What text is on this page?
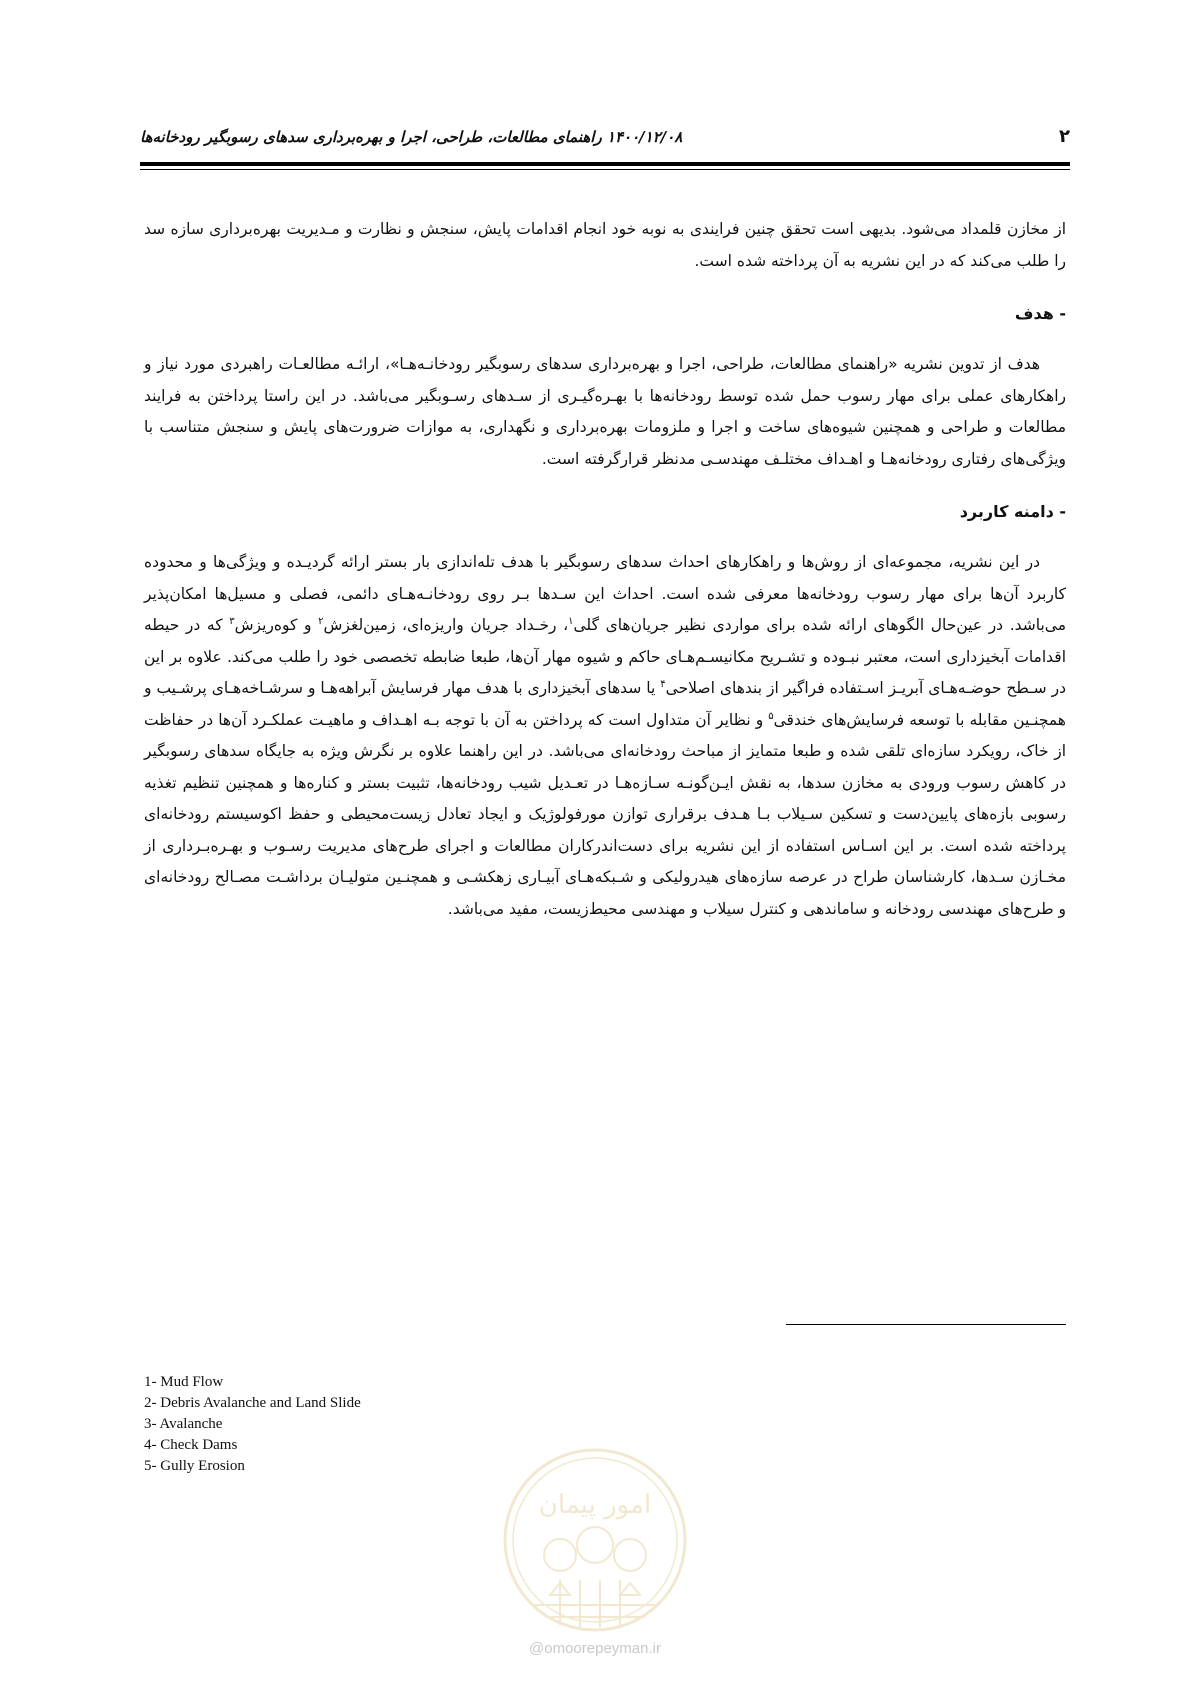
۲
۱۴۰۰/۱۲/۰۸ راهنمای مطالعات، طراحی، اجرا و بهره‌برداری سدهای رسوبگیر رودخانه‌ها

از مخازن قلمداد می‌شود. بدیهی است تحقق چنین فرایندی به نوبه خود انجام اقدامات پایش، سنجش و نظارت و مـدیریت بهره‌برداری سازه سد را طلب می‌کند که در این نشریه به آن پرداخته شده است.

- هدف

هدف از تدوین نشریه «راهنمای مطالعات، طراحی، اجرا و بهره‌برداری سدهای رسوبگیر رودخانـه‌هـا»، ارائـه مطالعـات راهبردی مورد نیاز و راهکارهای عملی برای مهار رسوب حمل شده توسط رودخانه‌ها با بهـره‌گیـری از سـدهای رسـوبگیر می‌باشد. در این راستا پرداختن به فرایند مطالعات و طراحی و همچنین شیوه‌های ساخت و اجرا و ملزومات بهره‌برداری و نگهداری، به موازات ضرورت‌های پایش و سنجش متناسب با ویژگی‌های رفتاری رودخانه‌هـا و اهـداف مختلـف مهندسـی مدنظر قرارگرفته است.

- دامنه کاربرد

در این نشریه، مجموعه‌ای از روش‌ها و راهکارهای احداث سدهای رسوبگیر با هدف تله‌اندازی بار بستر ارائه گردیـده و ویژگی‌ها و محدوده کاربرد آن‌ها برای مهار رسوب رودخانه‌ها معرفی شده است. احداث این سـدها بـر روی رودخانـه‌هـای دائمی، فصلی و مسیل‌ها امکان‌پذیر می‌باشد. در عین‌حال الگوهای ارائه شده برای مواردی نظیر جریان‌های گلی$^۱$، رخـداد جریان واریزه‌ای، زمین‌لغزش$^۲$ و کوه‌ریزش$^۳$ که در حیطه اقدامات آبخیزداری است، معتبر نبـوده و تشـریح مکانیسـم‌هـای حاکم و شیوه مهار آن‌ها، طبعا ضابطه تخصصی خود را طلب می‌کند. علاوه بر این در سـطح حوضـه‌هـای آبریـز اسـتفاده فراگیر از بندهای اصلاحی$^۴$ یا سدهای آبخیزداری با هدف مهار فرسایش آبراهه‌هـا و سرشـاخه‌هـای پرشـیب و همچنـین مقابله با توسعه فرسایش‌های خندقی$^۵$ و نظایر آن متداول است که پرداختن به آن با توجه بـه اهـداف و ماهیـت عملکـرد آن‌ها در حفاظت از خاک، رویکرد سازه‌ای تلقی شده و طبعا متمایز از مباحث رودخانه‌ای می‌باشد. در این راهنما علاوه بر نگرش ویژه به جایگاه سدهای رسوبگیر در کاهش رسوب ورودی به مخازن سدها، به نقش ایـن‌گونـه سـازه‌هـا در تعـدیل شیب رودخانه‌ها، تثبیت بستر و کناره‌ها و همچنین تنظیم تغذیه رسوبی بازه‌های پایین‌دست و تسکین سـیلاب بـا هـدف برقراری توازن مورفولوژیک و ایجاد تعادل زیست‌محیطی و حفظ اکوسیستم رودخانه‌ای پرداخته شده است. بر این اسـاس استفاده از این نشریه برای دست‌اندرکاران مطالعات و اجرای طرح‌های مدیریت رسـوب و بهـره‌بـرداری از مخـازن سـدها، کارشناسان طراح در عرصه سازه‌های هیدرولیکی و شـبکه‌هـای آبیـاری زهکشـی و همچنـین متولیـان برداشـت مصـالح رودخانه‌ای و طرح‌های مهندسی رودخانه و ساماندهی و کنترل سیلاب و مهندسی محیط‌زیست، مفید می‌باشد.

1- Mud Flow
2- Debris Avalanche and Land Slide
3- Avalanche
4- Check Dams
5- Gully Erosion
امور پیمان
@omoorepeyman.ir
